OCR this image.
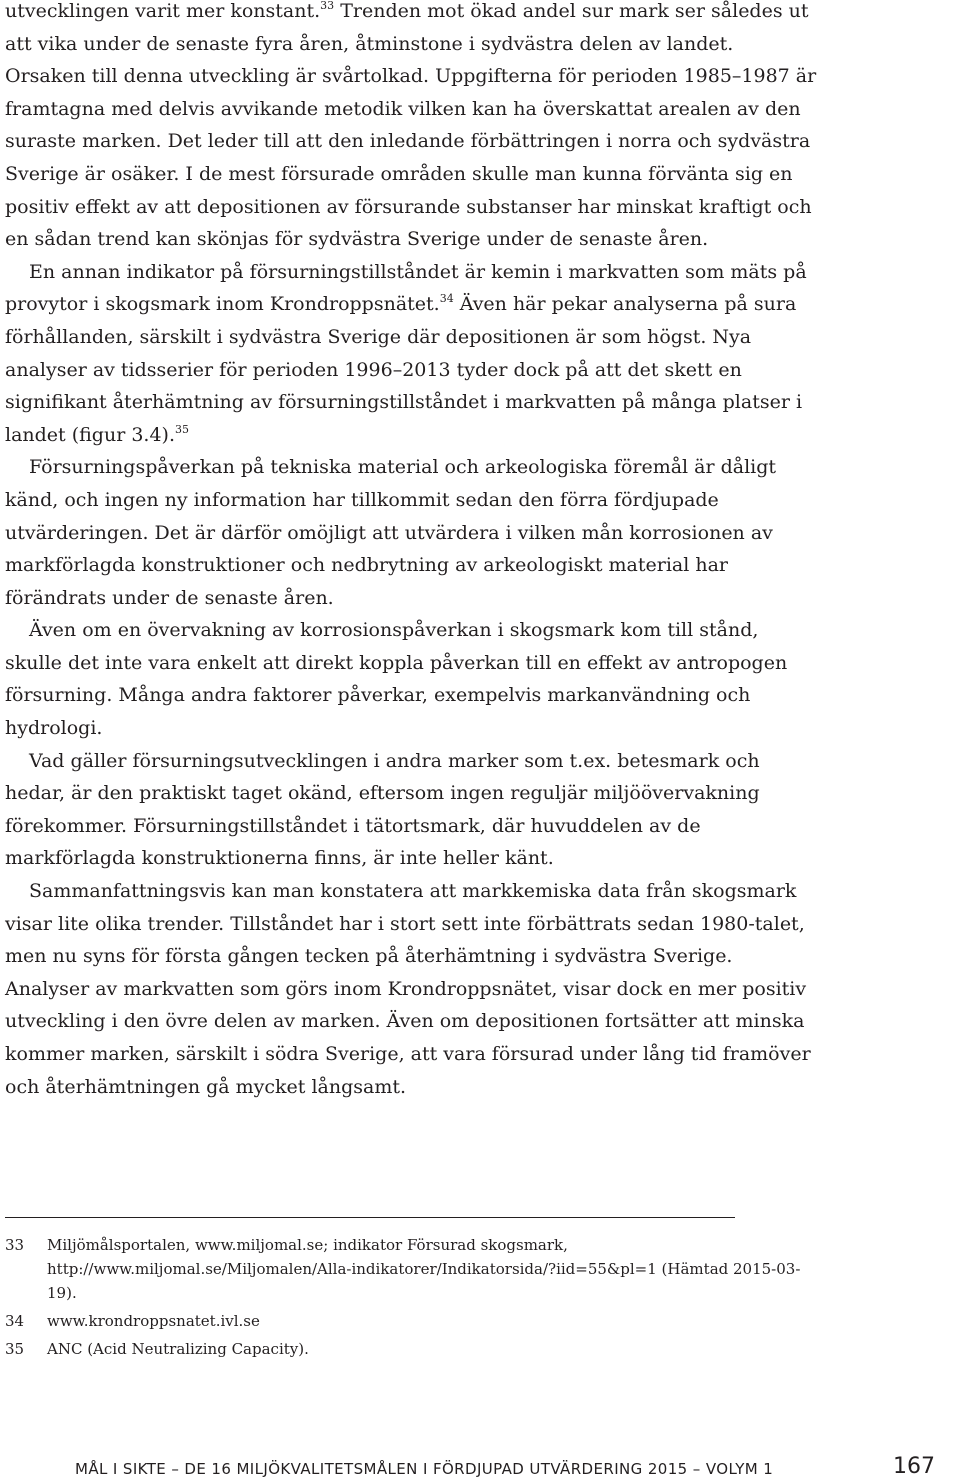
utvecklingen varit mer konstant.$^{33}$ Trenden mot ökad andel sur mark ser således ut att vika under de senaste fyra åren, åtminstone i sydvästra delen av landet. Orsaken till denna utveckling är svårtolkad. Uppgifterna för perioden 1985–1987 är framtagna med delvis avvikande metodik vilken kan ha överskattat arealen av den suraste marken. Det leder till att den inledande förbättringen i norra och sydvästra Sverige är osäker. I de mest försurade områden skulle man kunna förvänta sig en positiv effekt av att depositionen av försurande substanser har minskat kraftigt och en sådan trend kan skönjas för sydvästra Sverige under de senaste åren.

En annan indikator på försurningstillståndet är kemin i markvatten som mäts på provytor i skogsmark inom Krondroppsnätet.$^{34}$ Även här pekar analyserna på sura förhållanden, särskilt i sydvästra Sverige där depositionen är som högst. Nya analyser av tidsserier för perioden 1996–2013 tyder dock på att det skett en signifikant återhämtning av försurningstillståndet i markvatten på många platser i landet (figur 3.4).$^{35}$

Försurningspåverkan på tekniska material och arkeologiska föremål är dåligt känd, och ingen ny information har tillkommit sedan den förra fördjupade utvärderingen. Det är därför omöjligt att utvärdera i vilken mån korrosionen av markförlagda konstruktioner och nedbrytning av arkeologiskt material har förändrats under de senaste åren.

Även om en övervakning av korrosionspåverkan i skogsmark kom till stånd, skulle det inte vara enkelt att direkt koppla påverkan till en effekt av antropogen försurning. Många andra faktorer påverkar, exempelvis markanvändning och hydrologi.

Vad gäller försurningsutvecklingen i andra marker som t.ex. betesmark och hedar, är den praktiskt taget okänd, eftersom ingen reguljär miljöövervakning förekommer. Försurningstillståndet i tätortsmark, där huvuddelen av de markförlagda konstruktionerna finns, är inte heller känt.

Sammanfattningsvis kan man konstatera att markkemiska data från skogsmark visar lite olika trender. Tillståndet har i stort sett inte förbättrats sedan 1980-talet, men nu syns för första gången tecken på återhämtning i sydvästra Sverige. Analyser av markvatten som görs inom Krondroppsnätet, visar dock en mer positiv utveckling i den övre delen av marken. Även om depositionen fortsätter att minska kommer marken, särskilt i södra Sverige, att vara försurad under lång tid framöver och återhämtningen gå mycket långsamt.

33	Miljömålsportalen, www.miljomal.se; indikator Försurad skogsmark, http://www.miljomal.se/Miljomalen/Alla-indikatorer/Indikatorsida/?iid=55&pl=1 (Hämtad 2015-03-19).
34	www.krondroppsnatet.ivl.se
35	ANC (Acid Neutralizing Capacity).
MÅL I SIKTE – DE 16 MILJÖKVALITETSMÅLEN I FÖRDJUPAD UTVÄRDERING 2015 – VOLYM 1	167
